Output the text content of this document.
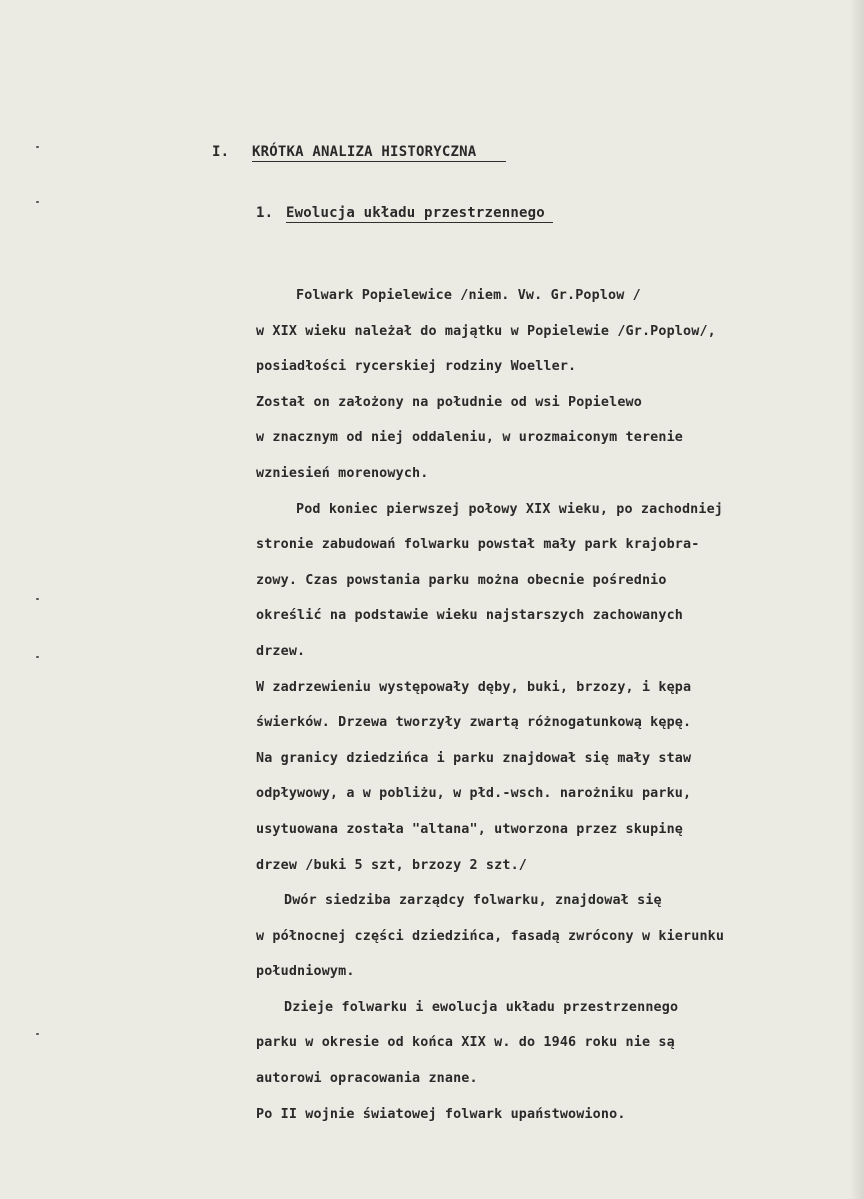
I. KRÓTKA ANALIZA HISTORYCZNA
1. Ewolucja układu przestrzennego
Folwark Popielewice /niem. Vw. Gr.Poplow /
w XIX wieku należał do majątku w Popielewie /Gr.Poplow/,
posiadłości rycerskiej rodziny Woeller.
Został on założony na południe od wsi Popielewo
w znacznym od niej oddaleniu, w urozmaiconym terenie
wzniesień morenowych.
Pod koniec pierwszej połowy XIX wieku, po zachodniej
stronie zabudowań folwarku powstał mały park krajobra-
zowy. Czas powstania parku można obecnie pośrednio
określić na podstawie wieku najstarszych zachowanych
drzew.
W zadrzewieniu występowały dęby, buki, brzozy, i kępa
świerków. Drzewa tworzyły zwartą różnogatunkową kępę.
Na granicy dziedzińca i parku znajdował się mały staw
odpływowy, a w pobliżu, w płd.-wsch. narożniku parku,
usytuowana została "altana", utworzona przez skupinę
drzew /buki 5 szt, brzozy 2 szt./
Dwór siedziba zarządcy folwarku, znajdował się
w północnej części dziedzińca, fasadą zwrócony w kierunku
południowym.
Dzieje folwarku i ewolucja układu przestrzennego
parku w okresie od końca XIX w. do 1946 roku nie są
autorowi opracowania znane.
Po II wojnie światowej folwark upaństwowiono.
